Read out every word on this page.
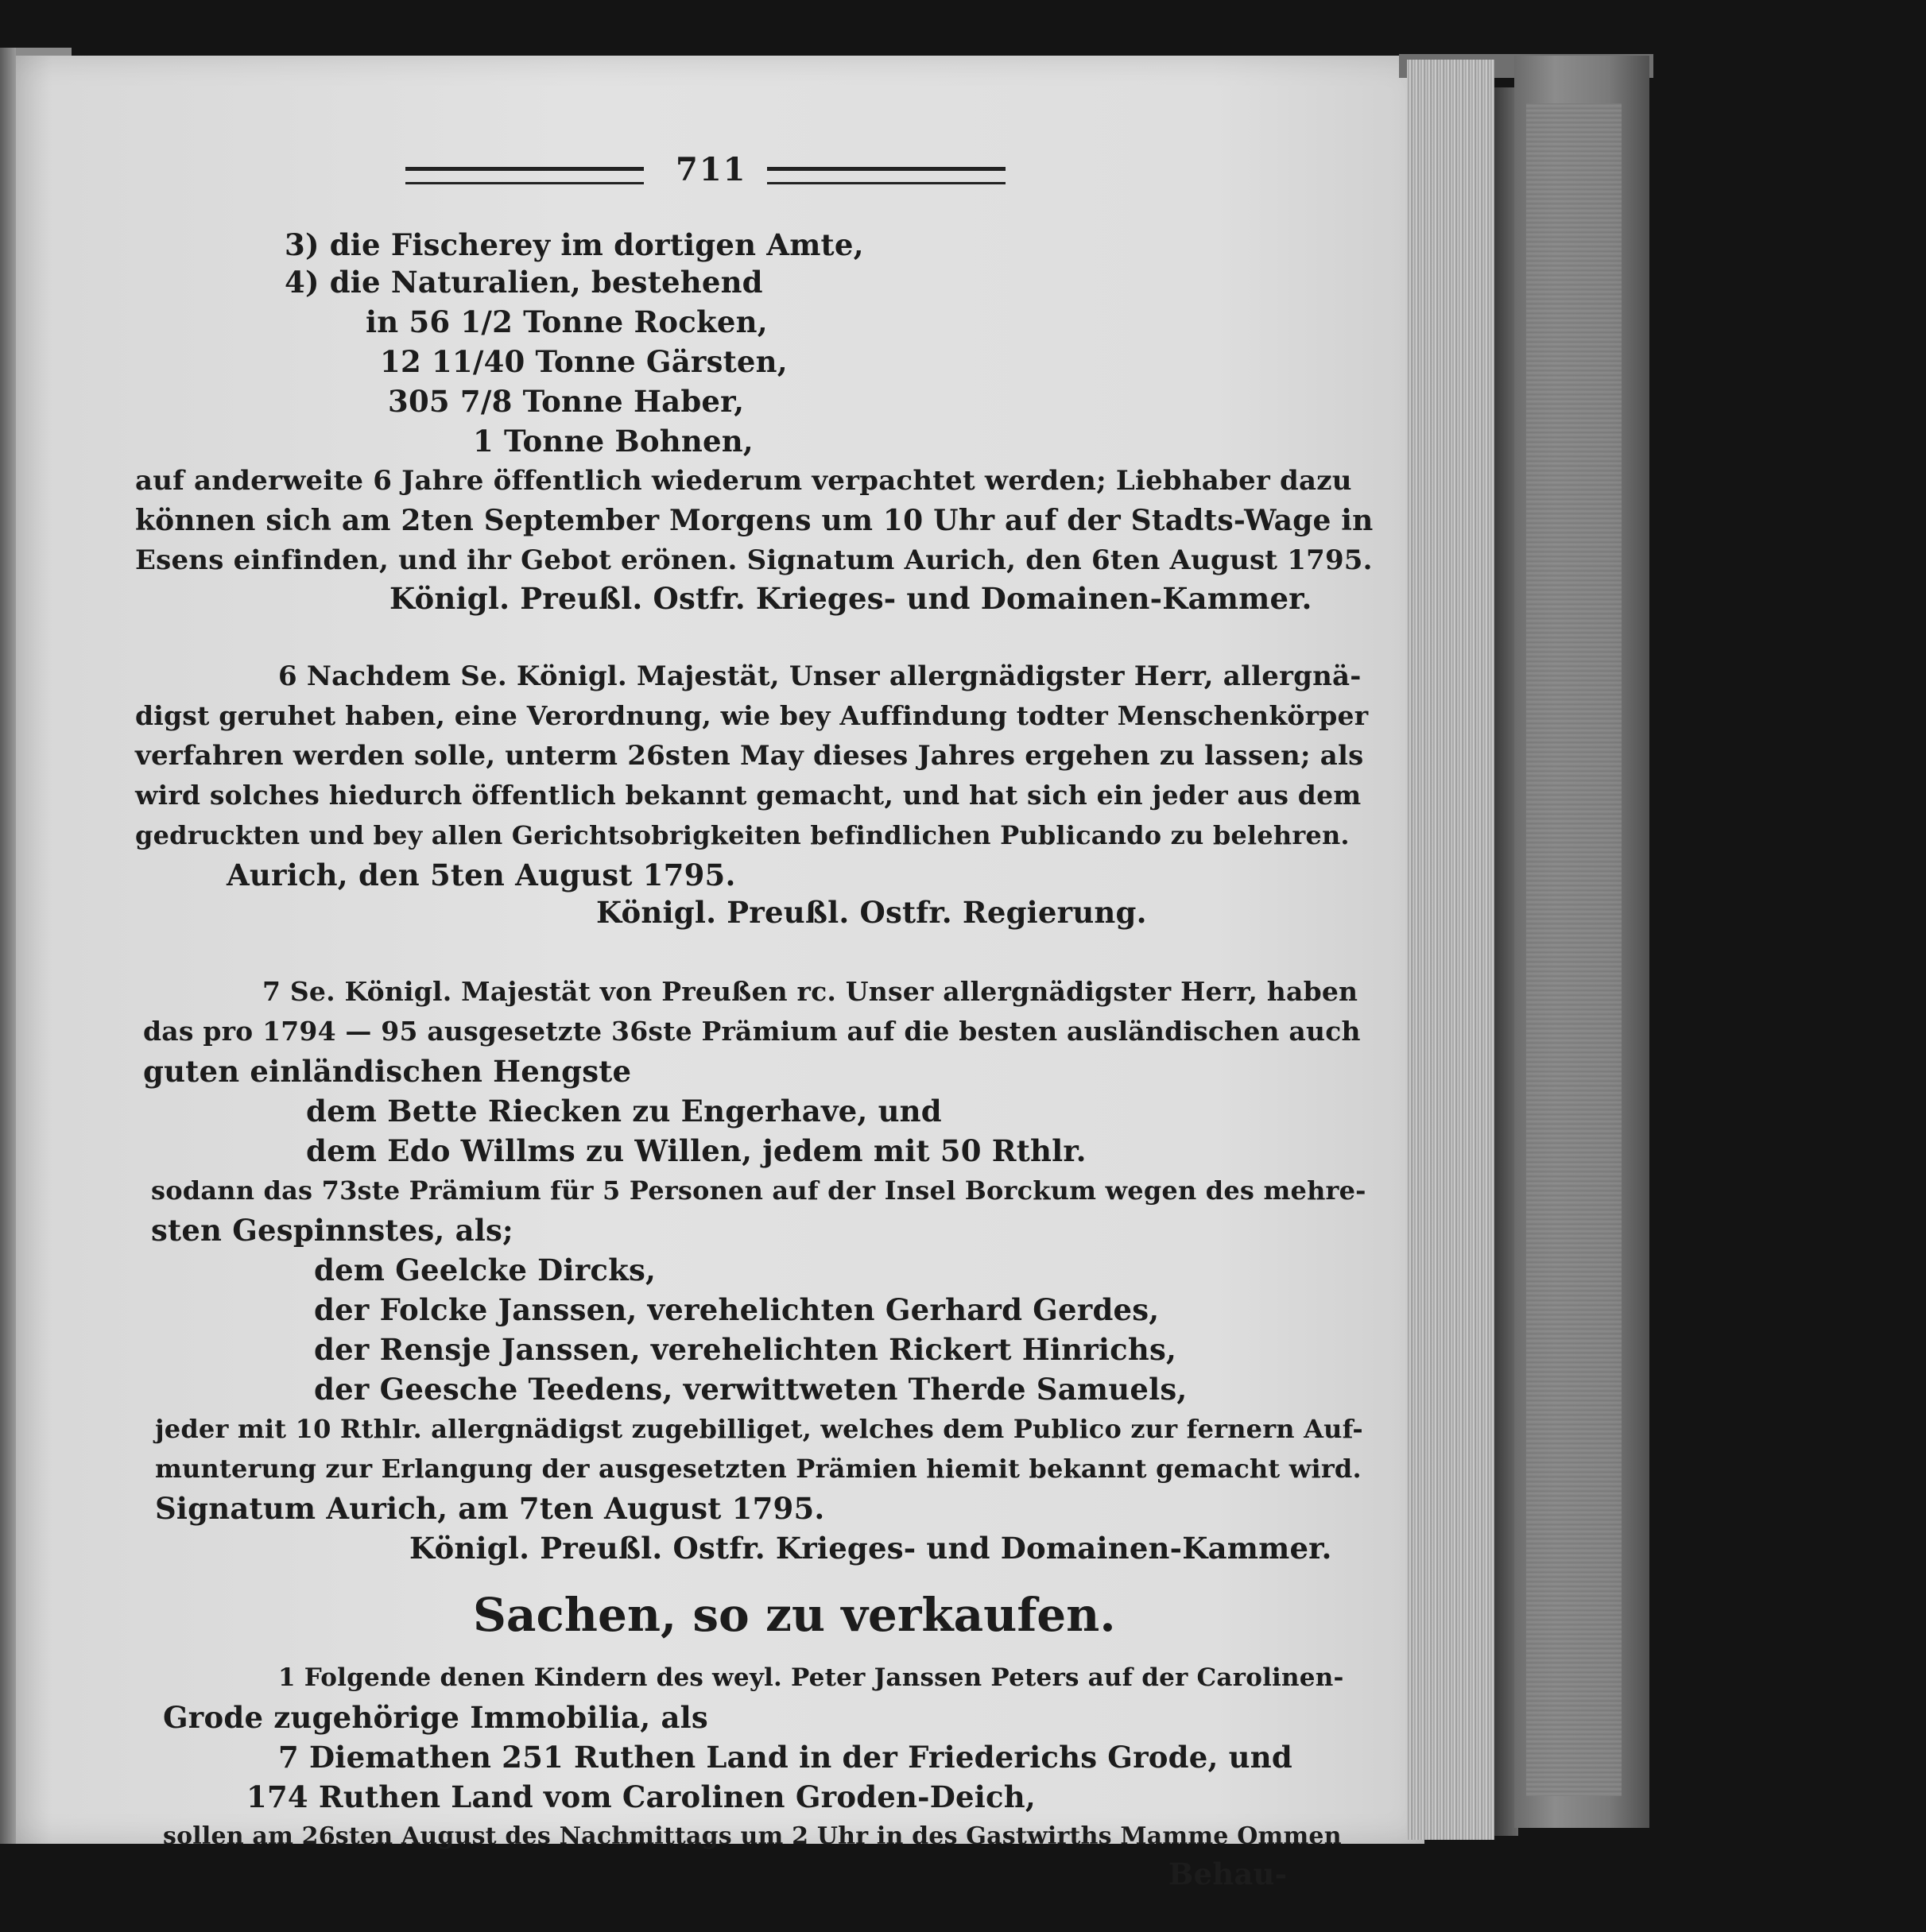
711
3) die Fischerey im dortigen Amte,
4) die Naturalien, bestehend
in 56 1/2 Tonne Rocken,
12 11/40 Tonne Gärsten,
305 7/8 Tonne Haber,
1 Tonne Bohnen,
auf anderweite 6 Jahre öffentlich wiederum verpachtet werden; Liebhaber dazu
können sich am 2ten September Morgens um 10 Uhr auf der Stadts-Wage in
Esens einfinden, und ihr Gebot erönen. Signatum Aurich, den 6ten August 1795.
Königl. Preußl. Ostfr. Krieges- und Domainen-Kammer.
6 Nachdem Se. Königl. Majestät, Unser allergnädigster Herr, allergnä-
digst geruhet haben, eine Verordnung, wie bey Auffindung todter Menschenkörper
verfahren werden solle, unterm 26sten May dieses Jahres ergehen zu lassen; als
wird solches hiedurch öffentlich bekannt gemacht, und hat sich ein jeder aus dem
gedruckten und bey allen Gerichtsobrigkeiten befindlichen Publicando zu belehren.
Aurich, den 5ten August 1795.
Königl. Preußl. Ostfr. Regierung.
7 Se. Königl. Majestät von Preußen rc. Unser allergnädigster Herr, haben
das pro 1794 — 95 ausgesetzte 36ste Prämium auf die besten ausländischen auch
guten einländischen Hengste
dem Bette Riecken zu Engerhave, und
dem Edo Willms zu Willen, jedem mit 50 Rthlr.
sodann das 73ste Prämium für 5 Personen auf der Insel Borckum wegen des mehre-
sten Gespinnstes, als;
dem Geelcke Dircks,
der Folcke Janssen, verehelichten Gerhard Gerdes,
der Rensje Janssen, verehelichten Rickert Hinrichs,
der Geesche Teedens, verwittweten Therde Samuels,
jeder mit 10 Rthlr. allergnädigst zugebilliget, welches dem Publico zur fernern Auf-
munterung zur Erlangung der ausgesetzten Prämien hiemit bekannt gemacht wird.
Signatum Aurich, am 7ten August 1795.
Königl. Preußl. Ostfr. Krieges- und Domainen-Kammer.
Sachen, so zu verkaufen.
1 Folgende denen Kindern des weyl. Peter Janssen Peters auf der Carolinen-
Grode zugehörige Immobilia, als
7 Diemathen 251 Ruthen Land in der Friederichs Grode, und
174 Ruthen Land vom Carolinen Groden-Deich,
sollen am 26sten August des Nachmittags um 2 Uhr in des Gastwirths Mamme Ommen
Behau-
